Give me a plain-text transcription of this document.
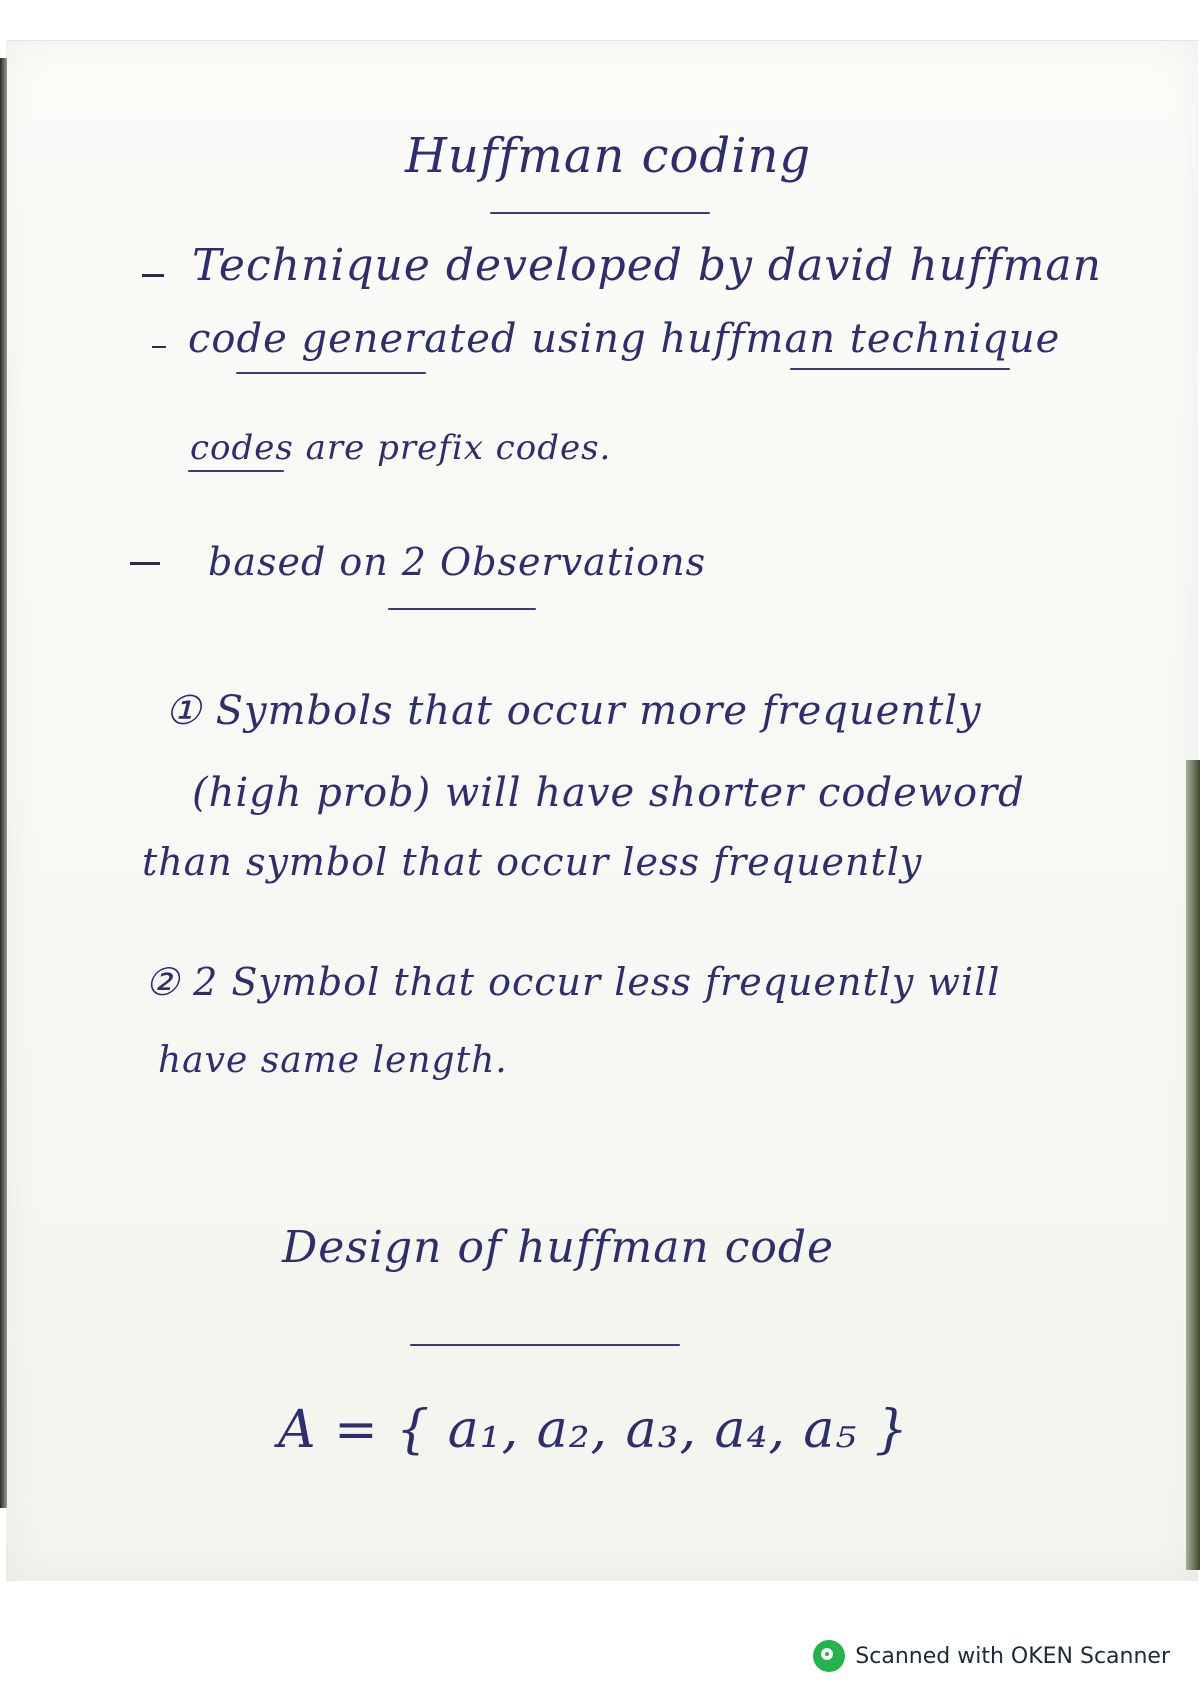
Huffman coding
Technique developed by david huffman
code generated using huffman technique
codes are prefix codes.
based on 2 Observations
① Symbols that occur more frequently
(high prob) will have shorter codeword
than symbol that occur less frequently
② 2 Symbol that occur less frequently will
have same length.
Design of huffman code
A = { a₁, a₂, a₃, a₄, a₅ }
Scanned with OKEN Scanner
